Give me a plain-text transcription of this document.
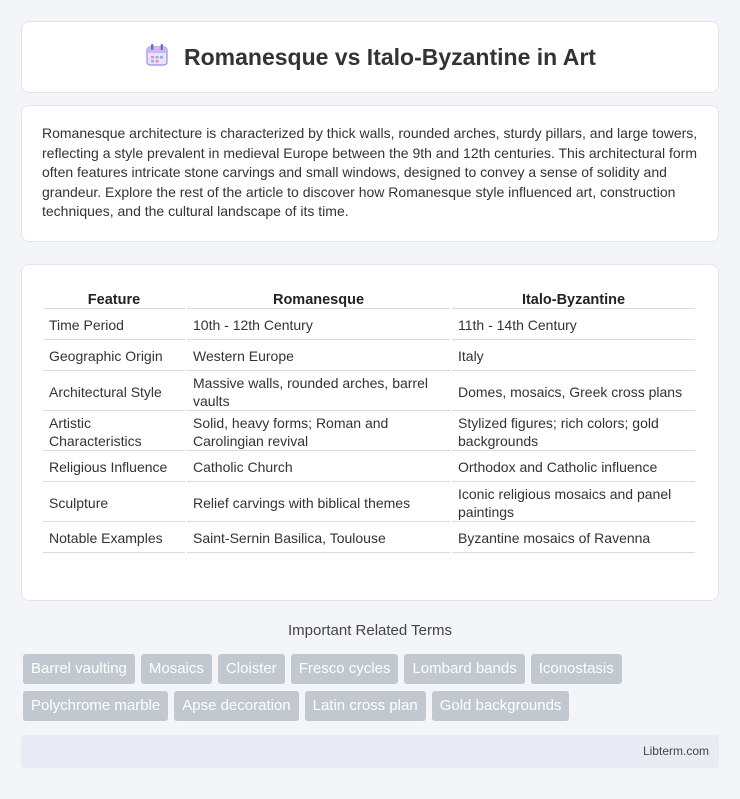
Romanesque vs Italo-Byzantine in Art

Romanesque architecture is characterized by thick walls, rounded arches, sturdy pillars, and large towers, reflecting a style prevalent in medieval Europe between the 9th and 12th centuries. This architectural form often features intricate stone carvings and small windows, designed to convey a sense of solidity and grandeur. Explore the rest of the article to discover how Romanesque style influenced art, construction techniques, and the cultural landscape of its time.

Feature	Romanesque	Italo-Byzantine
Time Period	10th - 12th Century	11th - 14th Century
Geographic Origin	Western Europe	Italy
Architectural Style	Massive walls, rounded arches, barrel vaults	Domes, mosaics, Greek cross plans
Artistic Characteristics	Solid, heavy forms; Roman and Carolingian revival	Stylized figures; rich colors; gold backgrounds
Religious Influence	Catholic Church	Orthodox and Catholic influence
Sculpture	Relief carvings with biblical themes	Iconic religious mosaics and panel paintings
Notable Examples	Saint-Sernin Basilica, Toulouse	Byzantine mosaics of Ravenna
Important Related Terms
Barrel vaulting	Mosaics	Cloister	Fresco cycles	Lombard bands	Iconostasis
Polychrome marble	Apse decoration	Latin cross plan	Gold backgrounds
Libterm.com
